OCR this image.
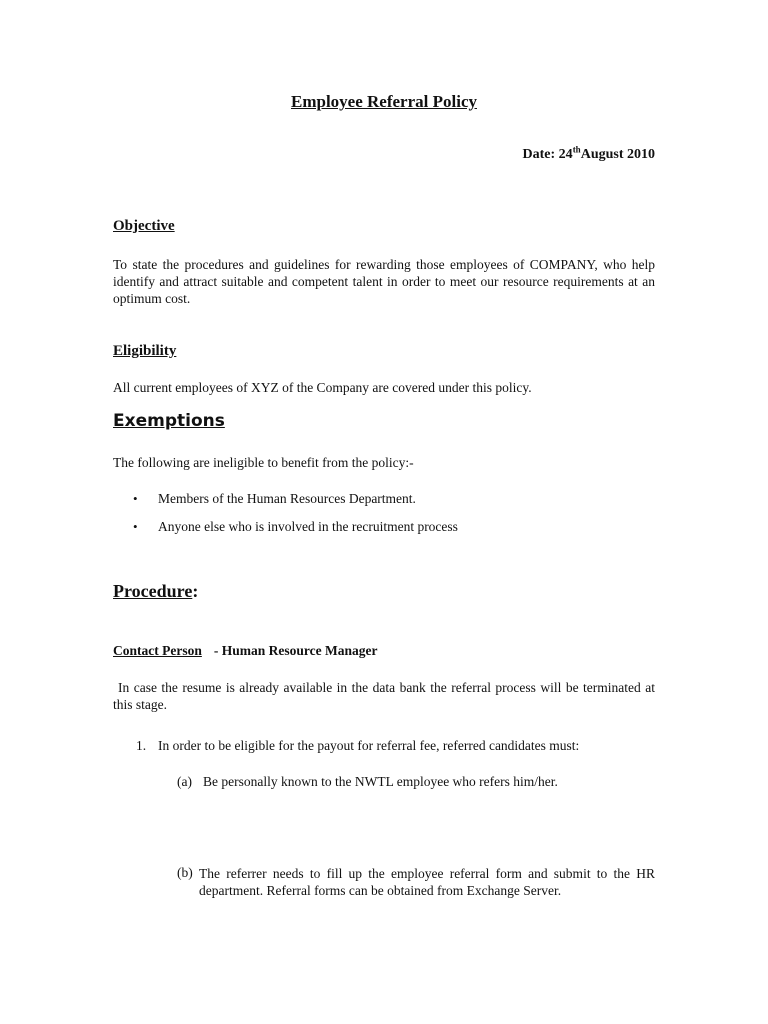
Employee Referral Policy
Date: 24thAugust 2010
Objective
To state the procedures and guidelines for rewarding those employees of COMPANY, who help identify and attract suitable and competent talent in order to meet our resource requirements at an optimum cost.
Eligibility
All current employees of XYZ of the Company are covered under this policy.
Exemptions
The following are ineligible to benefit from the policy:-
• Members of the Human Resources Department.
• Anyone else who is involved in the recruitment process
Procedure:
Contact Person - Human Resource Manager
In case the resume is already available in the data bank the referral process will be terminated at this stage.
1. In order to be eligible for the payout for referral fee, referred candidates must:
(a) Be personally known to the NWTL employee who refers him/her.
(b) The referrer needs to fill up the employee referral form and submit to the HR department. Referral forms can be obtained from Exchange Server.
